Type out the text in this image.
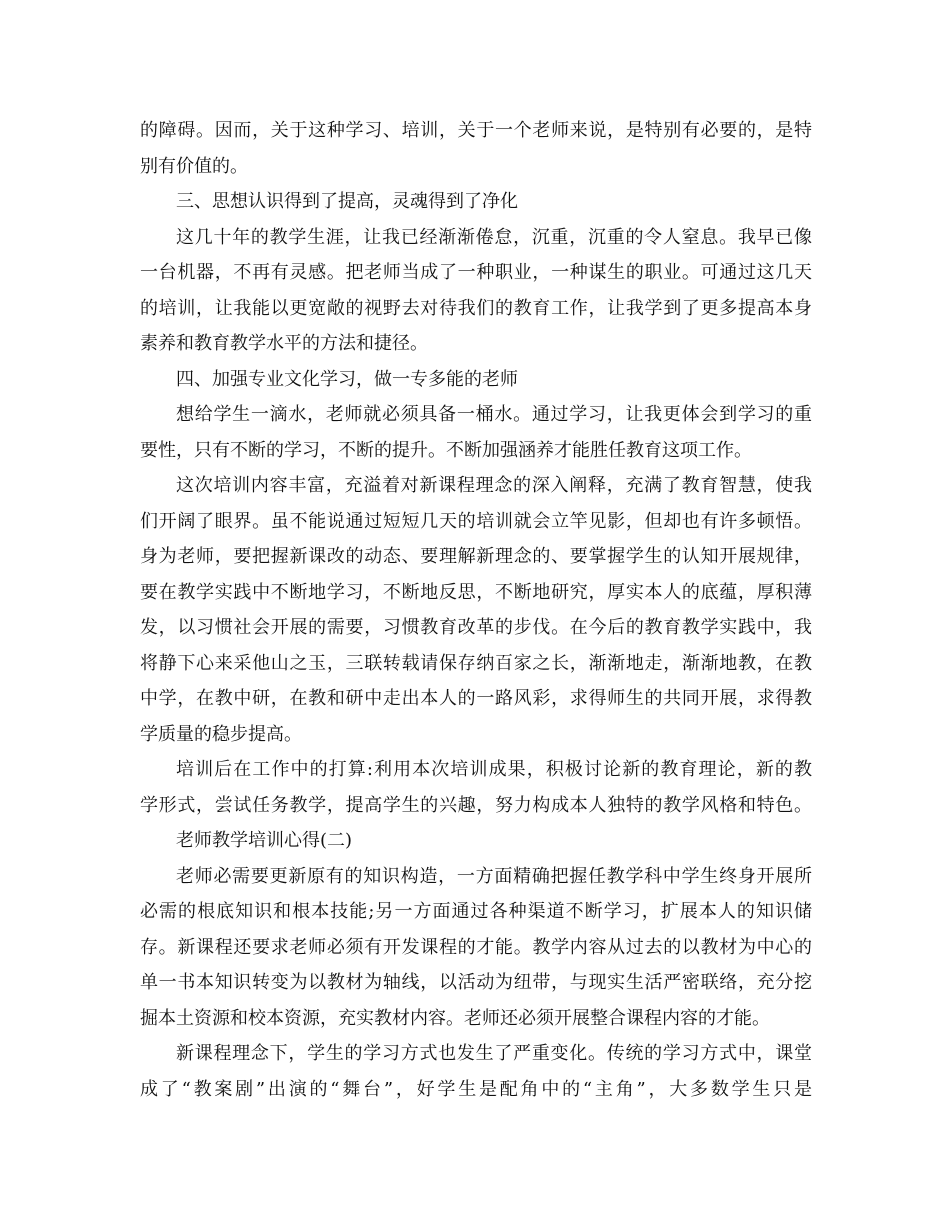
的障碍。因而，关于这种学习、培训，关于一个老师来说，是特别有必要的，是特
别有价值的。
三、思想认识得到了提高，灵魂得到了净化
这几十年的教学生涯，让我已经渐渐倦怠，沉重，沉重的令人窒息。我早已像
一台机器，不再有灵感。把老师当成了一种职业，一种谋生的职业。可通过这几天
的培训，让我能以更宽敞的视野去对待我们的教育工作，让我学到了更多提高本身
素养和教育教学水平的方法和捷径。
四、加强专业文化学习，做一专多能的老师
想给学生一滴水，老师就必须具备一桶水。通过学习，让我更体会到学习的重
要性，只有不断的学习，不断的提升。不断加强涵养才能胜任教育这项工作。
这次培训内容丰富，充溢着对新课程理念的深入阐释，充满了教育智慧，使我
们开阔了眼界。虽不能说通过短短几天的培训就会立竿见影，但却也有许多顿悟。
身为老师，要把握新课改的动态、要理解新理念的、要掌握学生的认知开展规律，
要在教学实践中不断地学习，不断地反思，不断地研究，厚实本人的底蕴，厚积薄
发，以习惯社会开展的需要，习惯教育改革的步伐。在今后的教育教学实践中，我
将静下心来采他山之玉，三联转载请保存纳百家之长，渐渐地走，渐渐地教，在教
中学，在教中研，在教和研中走出本人的一路风彩，求得师生的共同开展，求得教
学质量的稳步提高。
培训后在工作中的打算:利用本次培训成果，积极讨论新的教育理论，新的教
学形式，尝试任务教学，提高学生的兴趣，努力构成本人独特的教学风格和特色。
老师教学培训心得(二)
老师必需要更新原有的知识构造，一方面精确把握任教学科中学生终身开展所
必需的根底知识和根本技能;另一方面通过各种渠道不断学习，扩展本人的知识储
存。新课程还要求老师必须有开发课程的才能。教学内容从过去的以教材为中心的
单一书本知识转变为以教材为轴线，以活动为纽带，与现实生活严密联络，充分挖
掘本土资源和校本资源，充实教材内容。老师还必须开展整合课程内容的才能。
新课程理念下，学生的学习方式也发生了严重变化。传统的学习方式中，课堂
成了“教案剧”出演的“舞台”，好学生是配角中的“主角”，大多数学生只是
